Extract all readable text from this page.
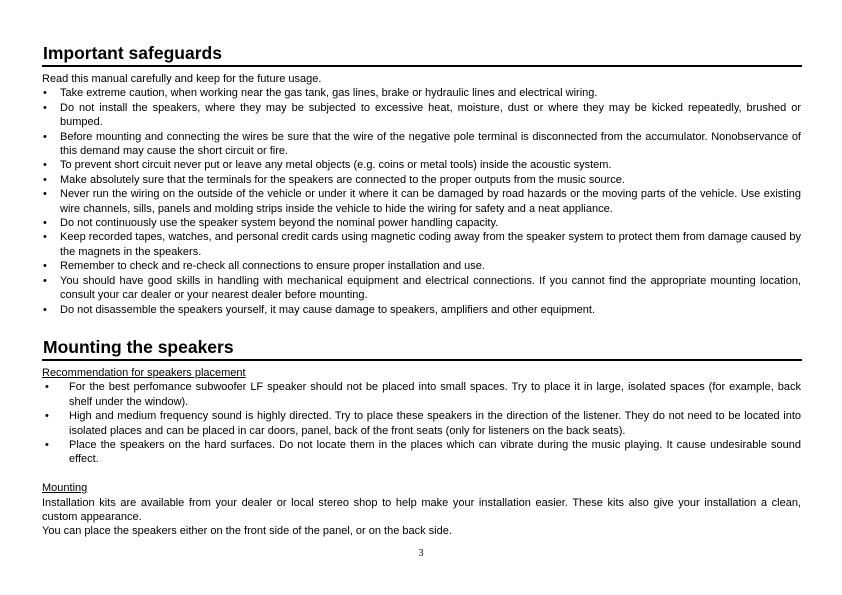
Important safeguards

Read this manual carefully and keep for the future usage.

• Take extreme caution, when working near the gas tank, gas lines, brake or hydraulic lines and electrical wiring.
• Do not install the speakers, where they may be subjected to excessive heat, moisture, dust or where they may be kicked repeatedly, brushed or bumped.
• Before mounting and connecting the wires be sure that the wire of the negative pole terminal is disconnected from the accumulator. Nonobservance of this demand may cause the short circuit or fire.
• To prevent short circuit never put or leave any metal objects (e.g. coins or metal tools) inside the acoustic system.
• Make absolutely sure that the terminals for the speakers are connected to the proper outputs from the music source.
• Never run the wiring on the outside of the vehicle or under it where it can be damaged by road hazards or the moving parts of the vehicle. Use existing wire channels, sills, panels and molding strips inside the vehicle to hide the wiring for safety and a neat appliance.
• Do not continuously use the speaker system beyond the nominal power handling capacity.
• Keep recorded tapes, watches, and personal credit cards using magnetic coding away from the speaker system to protect them from damage caused by the magnets in the speakers.
• Remember to check and re-check all connections to ensure proper installation and use.
• You should have good skills in handling with mechanical equipment and electrical connections. If you cannot find the appropriate mounting location, consult your car dealer or your nearest dealer before mounting.
• Do not disassemble the speakers yourself, it may cause damage to speakers, amplifiers and other equipment.
Mounting the speakers

Recommendation for speakers placement

• For the best perfomance subwoofer LF speaker should not be placed into small spaces. Try to place it in large, isolated spaces (for example, back shelf under the window).
• High and medium frequency sound is highly directed. Try to place these speakers in the direction of the listener. They do not need to be located into isolated places and can be placed in car doors, panel, back of the front seats (only for listeners on the back seats).
• Place the speakers on the hard surfaces. Do not locate them in the places which can vibrate during the music playing. It cause undesirable sound effect.

Mounting

Installation kits are available from your dealer or local stereo shop to help make your installation easier. These kits also give your installation a clean, custom appearance.

You can place the speakers either on the front side of the panel, or on the back side.

3
